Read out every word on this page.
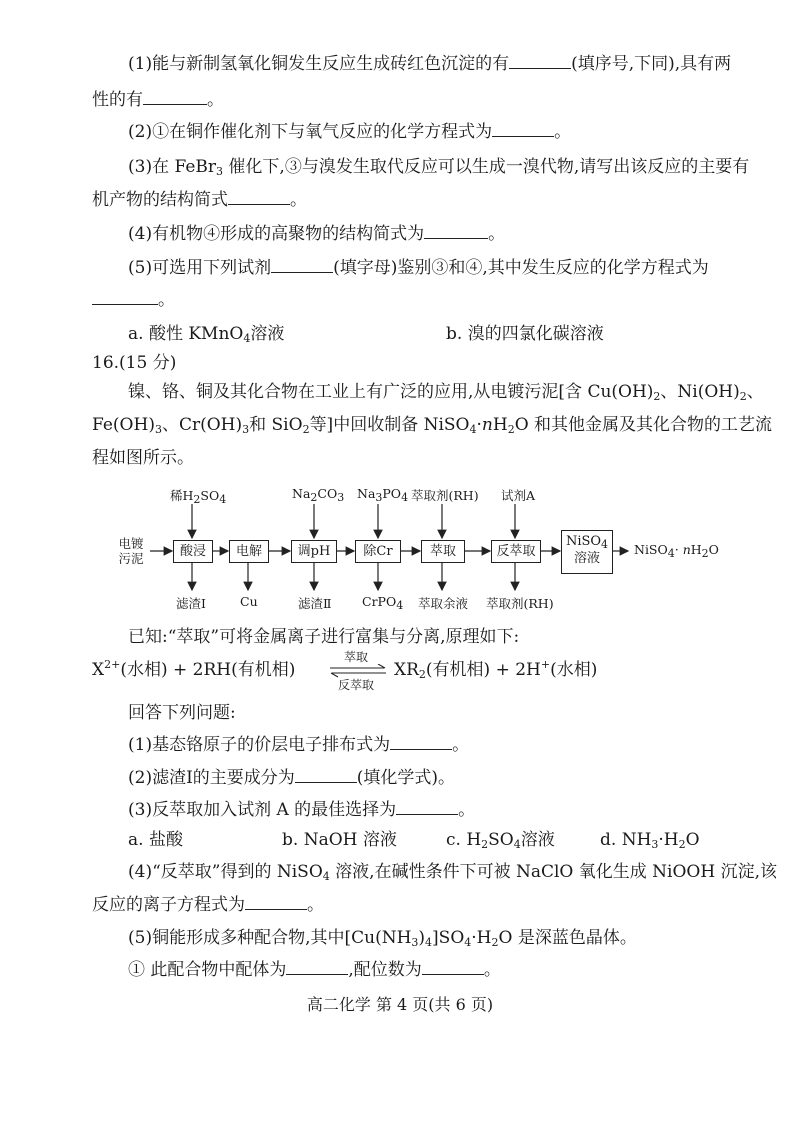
(1)能与新制氢氧化铜发生反应生成砖红色沉淀的有	(填序号,下同),具有两
性的有	。
(2)①在铜作催化剂下与氧气反应的化学方程式为	。
(3)在 FeBr$_3$ 催化下,③与溴发生取代反应可以生成一溴代物,请写出该反应的主要有
机产物的结构简式	。
(4)有机物④形成的高聚物的结构简式为	。
(5)可选用下列试剂	(填字母)鉴别③和④,其中发生反应的化学方程式为
。
a. 酸性 KMnO$_4$溶液	b. 溴的四氯化碳溶液
16.(15 分)
镍、铬、铜及其化合物在工业上有广泛的应用,从电镀污泥[含 $Cu(OH)_2$、$Ni(OH)_2$、
$Fe(OH)_3$、$Cr(OH)_3$和 SiO$_2$等]中回收制备 $NiSO_4\cdot nH_2O$ 和其他金属及其化合物的工艺流
程如图所示。
电镀
污泥	酸浸	电解	调pH	除Cr	萃取	反萃取
NiSO$_4$
溶液
NiSO$_4$· $nH_2O$
稀$H_2SO_4$	$Na_2CO_3$ $Na_3PO_4$ 萃取剂(RH) 试剂A
滤渣Ⅰ	Cu	滤渣Ⅱ CrPO$_4$ 萃取余液 萃取剂(RH)
已知:“萃取”可将金属离子进行富集与分离,原理如下:
$X^{2+}$(水相) + 2RH(有机相)
萃取
反萃取
$XR_2$(有机相) + 2H+(水相)
回答下列问题:
(1)基态铬原子的价层电子排布式为	。
(2)滤渣Ⅰ的主要成分为	(填化学式)。
(3)反萃取加入试剂 A 的最佳选择为	。
a. 盐酸	b. NaOH 溶液	c. $H_2SO_4$溶液	d. $NH_3\cdot H_2O$
(4)“反萃取”得到的 NiSO$_4$ 溶液,在碱性条件下可被 NaClO 氧化生成 NiOOH 沉淀,该
反应的离子方程式为	。
(5)铜能形成多种配合物,其中$[Cu(NH_3)_4]SO_4\cdot H_2O$ 是深蓝色晶体。
① 此配合物中配体为	,配位数为	。
高二化学 第 4 页(共 6 页)
